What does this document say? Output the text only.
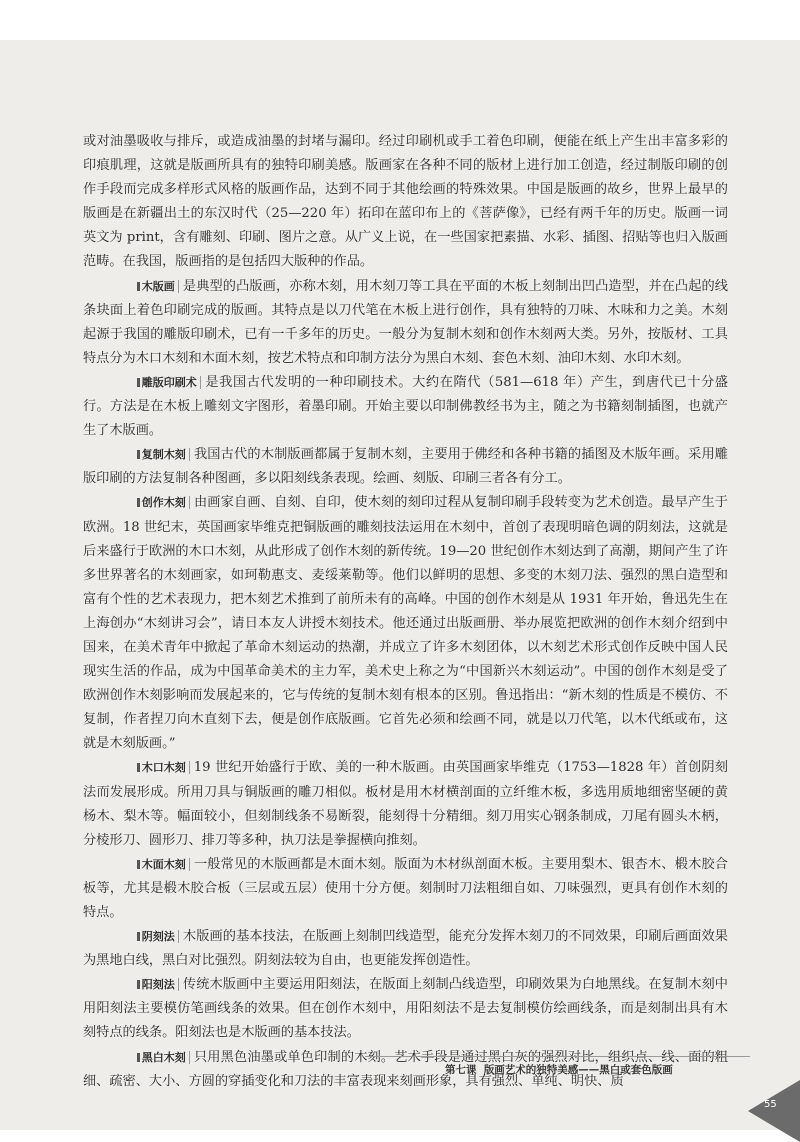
或对油墨吸收与排斥，或造成油墨的封堵与漏印。经过印刷机或手工着色印刷，便能在纸上产生出丰富多彩的印痕肌理，这就是版画所具有的独特印刷美感。版画家在各种不同的版材上进行加工创造，经过制版印刷的创作手段而完成多样形式风格的版画作品，达到不同于其他绘画的特殊效果。中国是版画的故乡，世界上最早的版画是在新疆出土的东汉时代（25—220 年）拓印在蓝印布上的《菩萨像》，已经有两千年的历史。版画一词英文为 print，含有雕刻、印刷、图片之意。从广义上说，在一些国家把素描、水彩、插图、招贴等也归入版画范畴。在我国，版画指的是包括四大版种的作品。

木版画 是典型的凸版画，亦称木刻，用木刻刀等工具在平面的木板上刻制出凹凸造型，并在凸起的线条块面上着色印刷完成的版画。其特点是以刀代笔在木板上进行创作，具有独特的刀味、木味和力之美。木刻起源于我国的雕版印刷术，已有一千多年的历史。一般分为复制木刻和创作木刻两大类。另外，按版材、工具特点分为木口木刻和木面木刻，按艺术特点和印制方法分为黑白木刻、套色木刻、油印木刻、水印木刻。

雕版印刷术 是我国古代发明的一种印刷技术。大约在隋代（581—618 年）产生，到唐代已十分盛行。方法是在木板上雕刻文字图形，着墨印刷。开始主要以印制佛教经书为主，随之为书籍刻制插图，也就产生了木版画。

复制木刻 我国古代的木制版画都属于复制木刻，主要用于佛经和各种书籍的插图及木版年画。采用雕版印刷的方法复制各种图画，多以阳刻线条表现。绘画、刻版、印刷三者各有分工。

创作木刻 由画家自画、自刻、自印，使木刻的刻印过程从复制印刷手段转变为艺术创造。最早产生于欧洲。18 世纪末，英国画家毕维克把铜版画的雕刻技法运用在木刻中，首创了表现明暗色调的阴刻法，这就是后来盛行于欧洲的木口木刻，从此形成了创作木刻的新传统。19—20 世纪创作木刻达到了高潮，期间产生了许多世界著名的木刻画家，如珂勒惠支、麦绥莱勒等。他们以鲜明的思想、多变的木刻刀法、强烈的黑白造型和富有个性的艺术表现力，把木刻艺术推到了前所未有的高峰。中国的创作木刻是从 1931 年开始，鲁迅先生在上海创办“木刻讲习会”，请日本友人讲授木刻技术。他还通过出版画册、举办展览把欧洲的创作木刻介绍到中国来，在美术青年中掀起了革命木刻运动的热潮，并成立了许多木刻团体，以木刻艺术形式创作反映中国人民现实生活的作品，成为中国革命美术的主力军，美术史上称之为“中国新兴木刻运动”。中国的创作木刻是受了欧洲创作木刻影响而发展起来的，它与传统的复制木刻有根本的区别。鲁迅指出：“新木刻的性质是不模仿、不复制，作者捏刀向木直刻下去，便是创作底版画。它首先必须和绘画不同，就是以刀代笔，以木代纸或布，这就是木刻版画。”

木口木刻 19 世纪开始盛行于欧、美的一种木版画。由英国画家毕维克（1753—1828 年）首创阴刻法而发展形成。所用刀具与铜版画的雕刀相似。板材是用木材横剖面的立纤维木板，多选用质地细密坚硬的黄杨木、梨木等。幅面较小，但刻制线条不易断裂，能刻得十分精细。刻刀用实心钢条制成，刀尾有圆头木柄，分棱形刀、圆形刀、排刀等多种，执刀法是拳握横向推刻。

木面木刻 一般常见的木版画都是木面木刻。版面为木材纵剖面木板。主要用梨木、银杏木、椴木胶合板等，尤其是椴木胶合板（三层或五层）使用十分方便。刻制时刀法粗细自如、刀味强烈，更具有创作木刻的特点。

阴刻法 木版画的基本技法，在版画上刻制凹线造型，能充分发挥木刻刀的不同效果，印刷后画面效果为黑地白线，黑白对比强烈。阴刻法较为自由，也更能发挥创造性。

阳刻法 传统木版画中主要运用阳刻法，在版面上刻制凸线造型，印刷效果为白地黑线。在复制木刻中用阳刻法主要模仿笔画线条的效果。但在创作木刻中，用阳刻法不是去复制模仿绘画线条，而是刻制出具有木刻特点的线条。阳刻法也是木版画的基本技法。

黑白木刻 只用黑色油墨或单色印制的木刻。艺术手段是通过黑白灰的强烈对比，组织点、线、面的粗细、疏密、大小、方圆的穿插变化和刀法的丰富表现来刻画形象，具有强烈、单纯、明快、质

第七课 版画艺术的独特美感——黑白或套色版画
55
